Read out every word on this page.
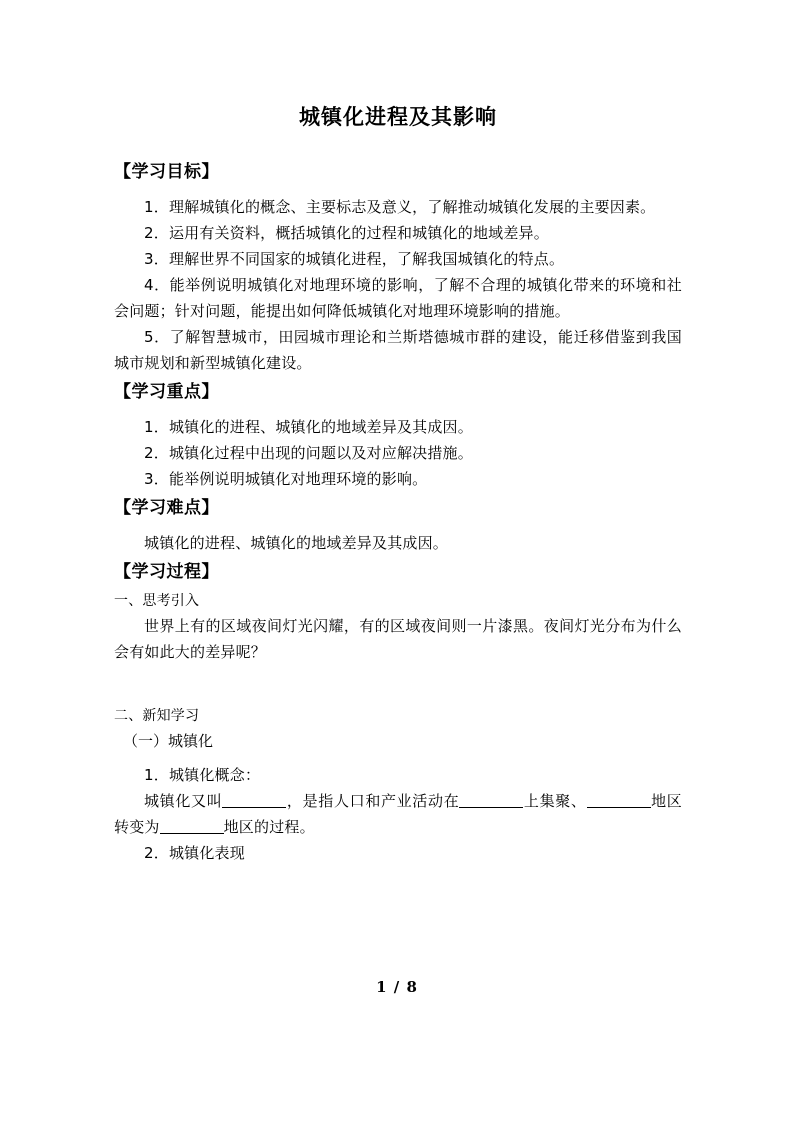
城镇化进程及其影响
【学习目标】

1．理解城镇化的概念、主要标志及意义，了解推动城镇化发展的主要因素。

2．运用有关资料，概括城镇化的过程和城镇化的地域差异。

3．理解世界不同国家的城镇化进程，了解我国城镇化的特点。

4．能举例说明城镇化对地理环境的影响，了解不合理的城镇化带来的环境和社会问题；针对问题，能提出如何降低城镇化对地理环境影响的措施。

5．了解智慧城市，田园城市理论和兰斯塔德城市群的建设，能迁移借鉴到我国城市规划和新型城镇化建设。

【学习重点】

1．城镇化的进程、城镇化的地域差异及其成因。

2．城镇化过程中出现的问题以及对应解决措施。

3．能举例说明城镇化对地理环境的影响。

【学习难点】

城镇化的进程、城镇化的地域差异及其成因。

【学习过程】

一、思考引入

世界上有的区域夜间灯光闪耀，有的区域夜间则一片漆黑。夜间灯光分布为什么会有如此大的差异呢？

二、新知学习

（一）城镇化

1．城镇化概念：

城镇化又叫	，是指人口和产业活动在	上集聚、	地区转变为	地区的过程。

2．城镇化表现

1 / 8
